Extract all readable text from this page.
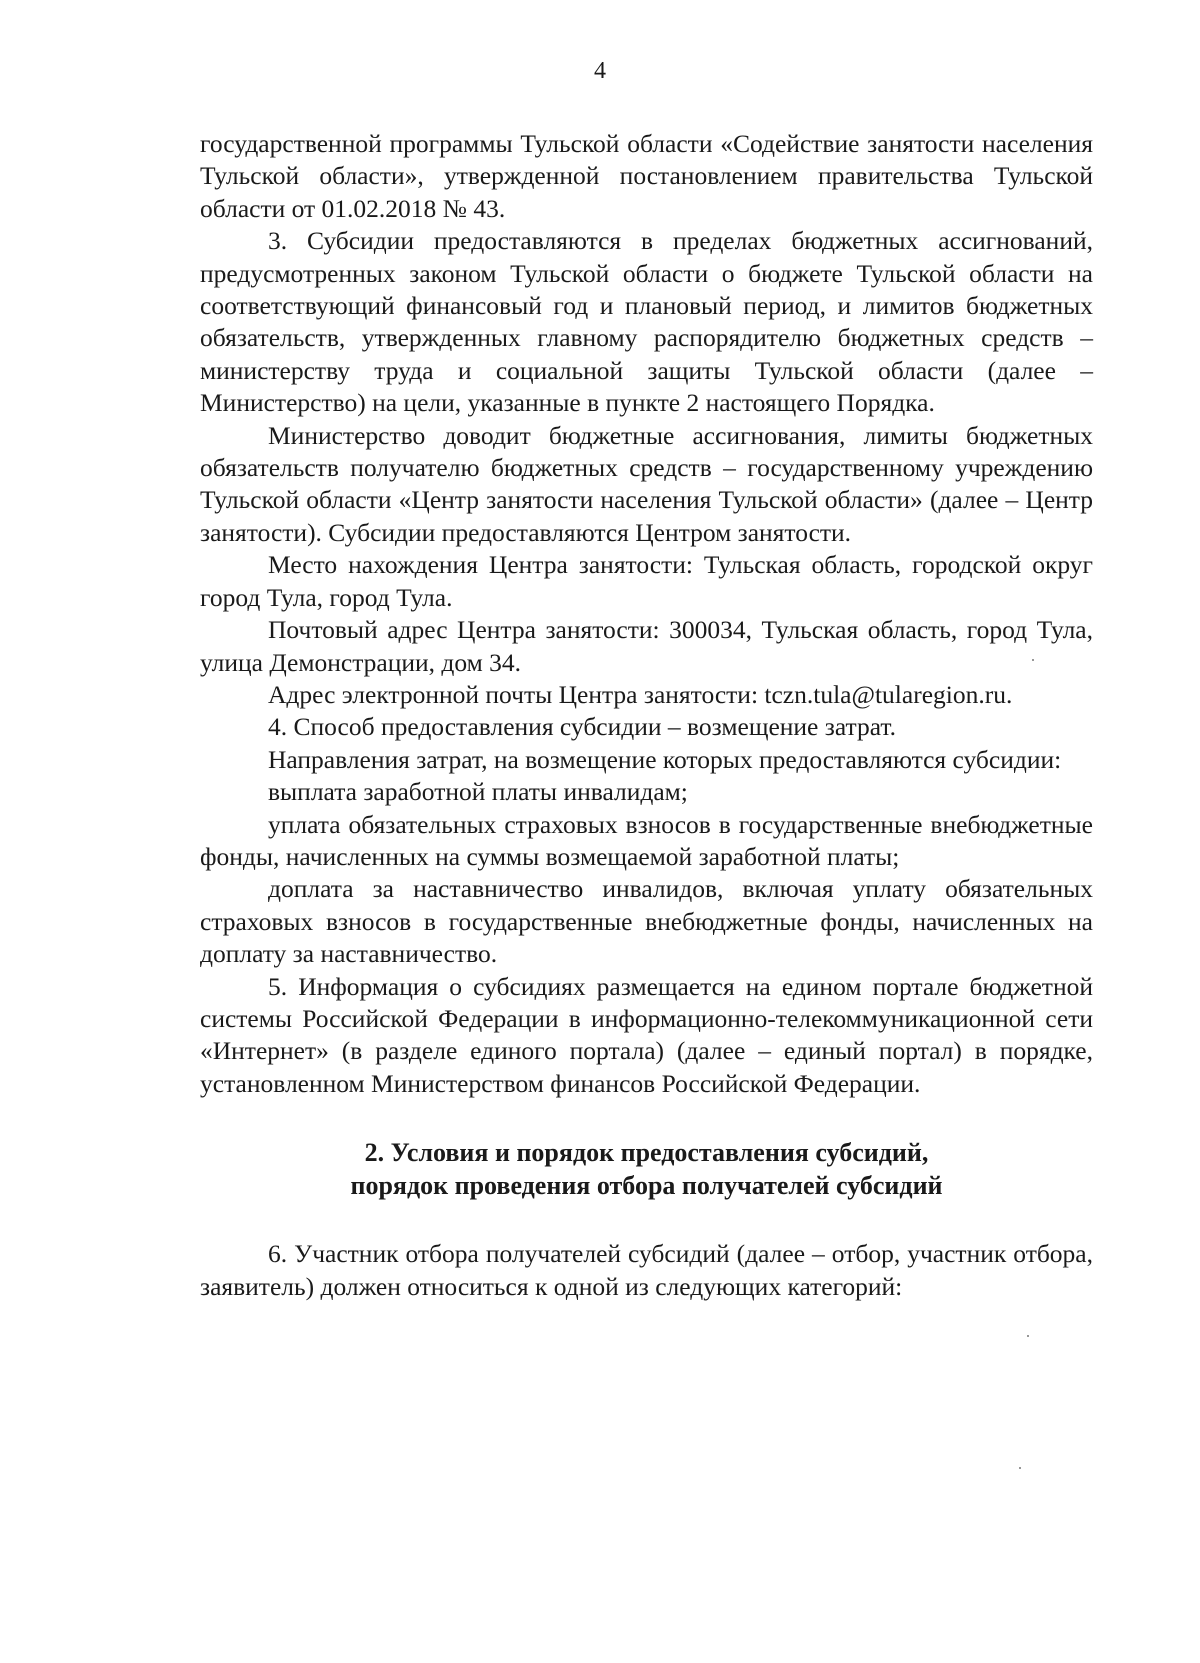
4

государственной программы Тульской области «Содействие занятости населения Тульской области», утвержденной постановлением правительства Тульской области от 01.02.2018 № 43.

3. Субсидии предоставляются в пределах бюджетных ассигнований, предусмотренных законом Тульской области о бюджете Тульской области на соответствующий финансовый год и плановый период, и лимитов бюджетных обязательств, утвержденных главному распорядителю бюджетных средств – министерству труда и социальной защиты Тульской области (далее – Министерство) на цели, указанные в пункте 2 настоящего Порядка.

Министерство доводит бюджетные ассигнования, лимиты бюджетных обязательств получателю бюджетных средств – государственному учреждению Тульской области «Центр занятости населения Тульской области» (далее – Центр занятости). Субсидии предоставляются Центром занятости.

Место нахождения Центра занятости: Тульская область, городской округ город Тула, город Тула.

Почтовый адрес Центра занятости: 300034, Тульская область, город Тула, улица Демонстрации, дом 34.

Адрес электронной почты Центра занятости: tczn.tula@tularegion.ru.

4. Способ предоставления субсидии – возмещение затрат.

Направления затрат, на возмещение которых предоставляются субсидии:

выплата заработной платы инвалидам;

уплата обязательных страховых взносов в государственные внебюджетные фонды, начисленных на суммы возмещаемой заработной платы;

доплата за наставничество инвалидов, включая уплату обязательных страховых взносов в государственные внебюджетные фонды, начисленных на доплату за наставничество.

5. Информация о субсидиях размещается на едином портале бюджетной системы Российской Федерации в информационно-телекоммуникационной сети «Интернет» (в разделе единого портала) (далее – единый портал) в порядке, установленном Министерством финансов Российской Федерации.

2. Условия и порядок предоставления субсидий,
порядок проведения отбора получателей субсидий

6. Участник отбора получателей субсидий (далее – отбор, участник отбора, заявитель) должен относиться к одной из следующих категорий:
